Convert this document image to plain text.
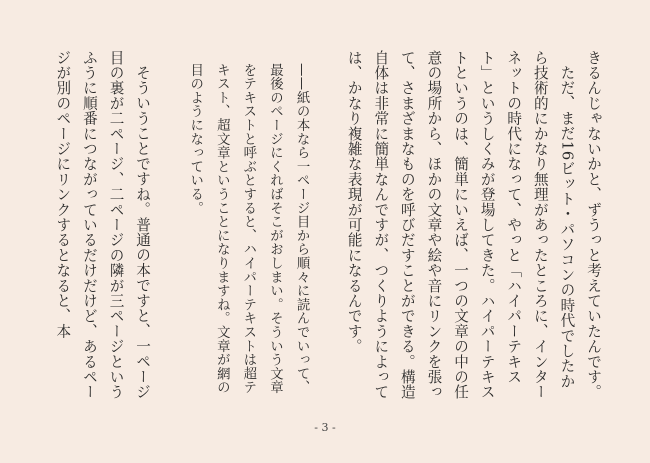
きるんじゃないかと、ずうっと考えていたんです。

ただ、まだ16ビット・パソコンの時代でしたから技術的にかなり無理があったところに、インターネットの時代になって、やっと「ハイパーテキスト」というしくみが登場してきた。ハイパーテキストというのは、簡単にいえば、一つの文章の中の任意の場所から、ほかの文章や絵や音にリンクを張って、さまざまなものを呼びだすことができる。構造自体は非常に簡単なんですが、つくりようによっては、かなり複雑な表現が可能になるんです。

——紙の本なら一ページ目から順々に読んでいって、最後のページにくればそこがおしまい。そういう文章をテキストと呼ぶとすると、ハイパーテキストは超テキスト、超文章ということになりますね。文章が網の目のようになっている。

そういうことですね。普通の本ですと、一ページ目の裏が二ページ、二ページの隣が三ページというふうに順番につながっているだけだけど、あるページが別のページにリンクするとなると、本

- 3 -
